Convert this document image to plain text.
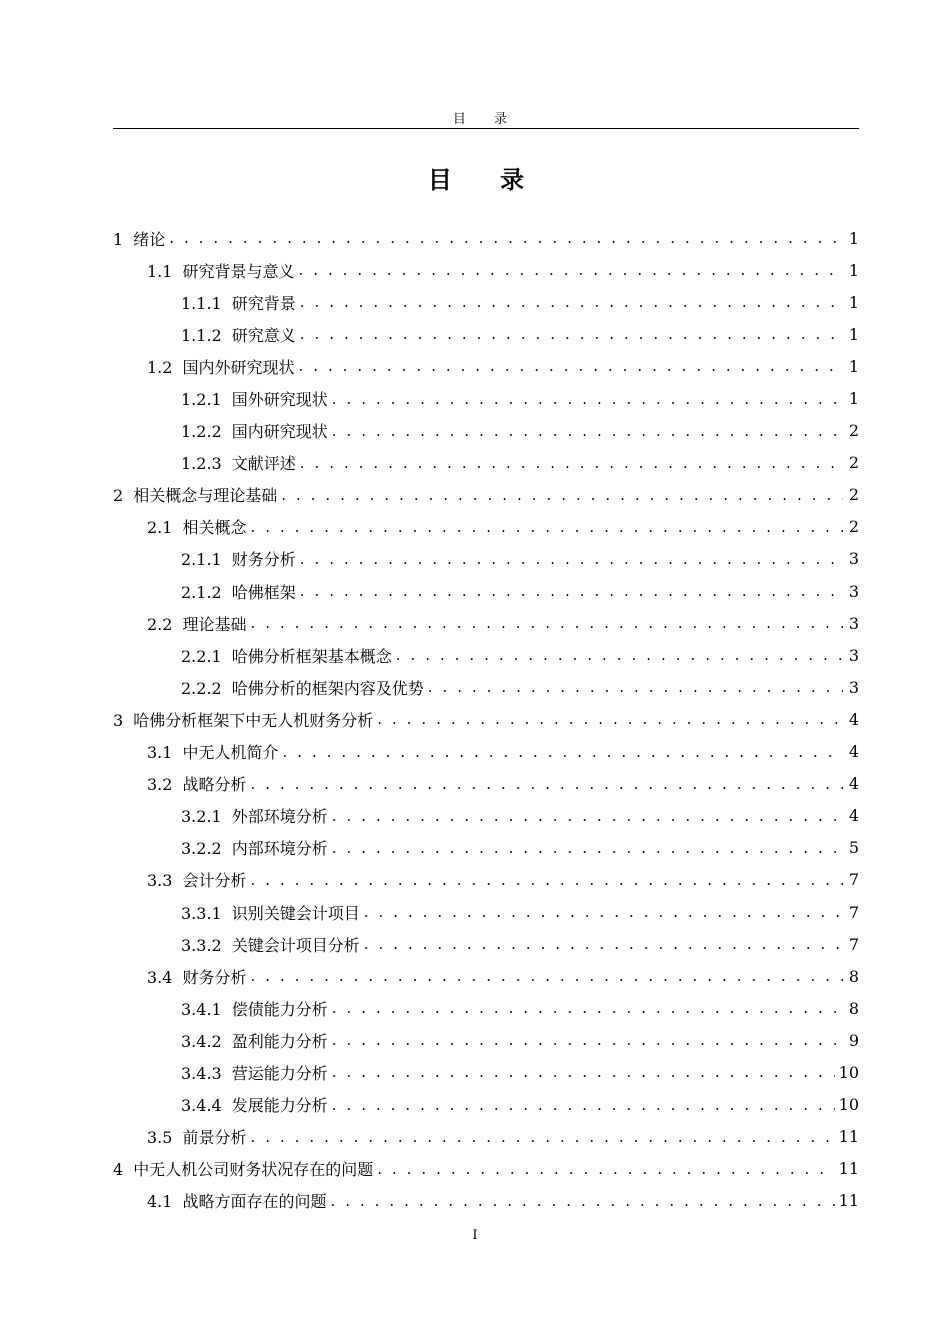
目 录
目 录
1 绪论 . . .	1
1.1 研究背景与意义 . . .	1
1.1.1 研究背景 . . .	1
1.1.2 研究意义 . . .	1
1.2 国内外研究现状 . . .	1
1.2.1 国外研究现状 . . .	1
1.2.2 国内研究现状 . . .	2
1.2.3 文献评述 . . .	2
2 相关概念与理论基础 . . .	2
2.1 相关概念 . . .	2
2.1.1 财务分析 . . .	3
2.1.2 哈佛框架 . . .	3
2.2 理论基础 . . .	3
2.2.1 哈佛分析框架基本概念 . . .	3
2.2.2 哈佛分析的框架内容及优势 . . .	3
3 哈佛分析框架下中无人机财务分析 . . .	4
3.1 中无人机简介 . . .	4
3.2 战略分析 . . .	4
3.2.1 外部环境分析 . . .	4
3.2.2 内部环境分析 . . .	5
3.3 会计分析 . . .	7
3.3.1 识别关键会计项目 . . .	7
3.3.2 关键会计项目分析 . . .	7
3.4 财务分析 . . .	8
3.4.1 偿债能力分析 . . .	8
3.4.2 盈利能力分析 . . .	9
3.4.3 营运能力分析 . . .	10
3.4.4 发展能力分析 . . .	10
3.5 前景分析 . . .	11
4 中无人机公司财务状况存在的问题 . . .	11
4.1 战略方面存在的问题 . . .	11
I
